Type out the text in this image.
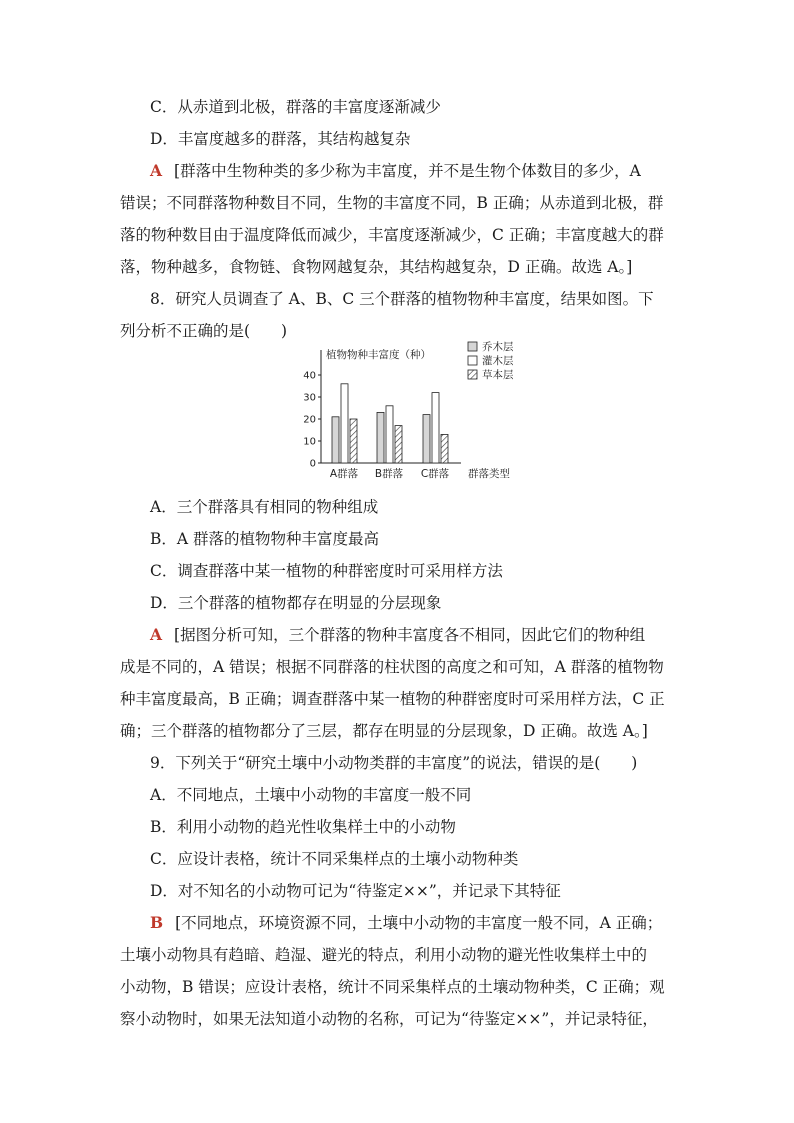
C．从赤道到北极，群落的丰富度逐渐减少
D．丰富度越多的群落，其结构越复杂
A [群落中生物种类的多少称为丰富度，并不是生物个体数目的多少，A
错误；不同群落物种数目不同，生物的丰富度不同，B 正确；从赤道到北极，群
落的物种数目由于温度降低而减少，丰富度逐渐减少，C 正确；丰富度越大的群
落，物种越多，食物链、食物网越复杂，其结构越复杂，D 正确。故选 A。]
8．研究人员调查了 A、B、C 三个群落的植物物种丰富度，结果如图。下
列分析不正确的是(　　)
植物物种丰富度（种）
0
10
20
30
40
A群落 B群落 C群落
乔木层
灌木层
草本层
群落类型
A．三个群落具有相同的物种组成
B．A 群落的植物物种丰富度最高
C．调查群落中某一植物的种群密度时可采用样方法
D．三个群落的植物都存在明显的分层现象
A [据图分析可知，三个群落的物种丰富度各不相同，因此它们的物种组
成是不同的，A 错误；根据不同群落的柱状图的高度之和可知，A 群落的植物物
种丰富度最高，B 正确；调查群落中某一植物的种群密度时可采用样方法，C 正
确；三个群落的植物都分了三层，都存在明显的分层现象，D 正确。故选 A。]
9．下列关于“研究土壤中小动物类群的丰富度”的说法，错误的是(　　)
A．不同地点，土壤中小动物的丰富度一般不同
B．利用小动物的趋光性收集样土中的小动物
C．应设计表格，统计不同采集样点的土壤小动物种类
D．对不知名的小动物可记为“待鉴定××”，并记录下其特征
B [不同地点，环境资源不同，土壤中小动物的丰富度一般不同，A 正确；
土壤小动物具有趋暗、趋湿、避光的特点，利用小动物的避光性收集样土中的
小动物，B 错误；应设计表格，统计不同采集样点的土壤动物种类，C 正确；观
察小动物时，如果无法知道小动物的名称，可记为“待鉴定××”，并记录特征，
